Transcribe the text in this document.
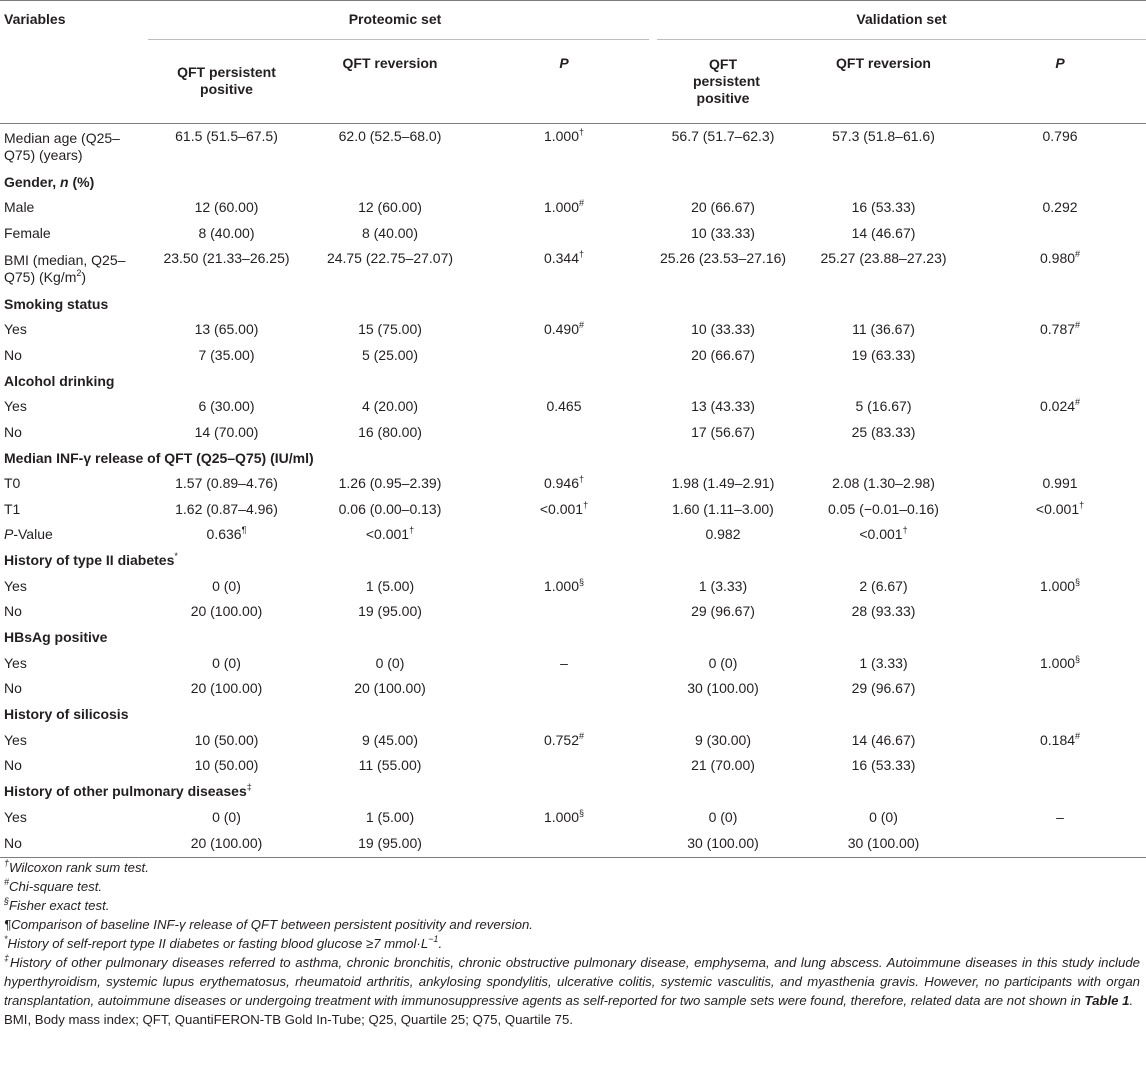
Variables	Proteomic set			Validation set		

	QFT persistent positive	QFT reversion	P	QFT persistent positive	QFT reversion	P
Median age (Q25–Q75) (years)	61.5 (51.5–67.5)	62.0 (52.5–68.0)	1.000†	56.7 (51.7–62.3)	57.3 (51.8–61.6)	0.796
Gender, n (%)						
Male	12 (60.00)	12 (60.00)	1.000#	20 (66.67)	16 (53.33)	0.292
Female	8 (40.00)	8 (40.00)		10 (33.33)	14 (46.67)	
BMI (median, Q25–Q75) $(Kg/m^2)$	23.50 (21.33–26.25)	24.75 (22.75–27.07)	0.344†	25.26 (23.53–27.16)	25.27 (23.88–27.23)	0.980#
Smoking status						
Yes	13 (65.00)	15 (75.00)	0.490#	10 (33.33)	11 (36.67)	0.787#
No	7 (35.00)	5 (25.00)		20 (66.67)	19 (63.33)	
Alcohol drinking						
Yes	6 (30.00)	4 (20.00)	0.465	13 (43.33)	5 (16.67)	0.024#
No	14 (70.00)	16 (80.00)		17 (56.67)	25 (83.33)	
Median INF-γ release of QFT (Q25–Q75) (IU/ml)						
T0	1.57 (0.89–4.76)	1.26 (0.95–2.39)	0.946†	1.98 (1.49–2.91)	2.08 (1.30–2.98)	0.991
T1	1.62 (0.87–4.96)	0.06 (0.00–0.13)	<0.001†	1.60 (1.11–3.00)	0.05 (−0.01–0.16)	<0.001†
P-Value	0.636¶	<0.001†		0.982	<0.001†	
History of type II diabetes*
Yes	0 (0)	1 (5.00)	1.000§	1 (3.33)	2 (6.67)	1.000§
No	20 (100.00)	19 (95.00)		29 (96.67)	28 (93.33)	
HBsAg positive						
Yes	0 (0)	0 (0)	–	0 (0)	1 (3.33)	1.000§
No	20 (100.00)	20 (100.00)		30 (100.00)	29 (96.67)	
History of silicosis						
Yes	10 (50.00)	9 (45.00)	0.752#	9 (30.00)	14 (46.67)	0.184#
No	10 (50.00)	11 (55.00)		21 (70.00)	16 (53.33)	
History of other pulmonary diseases‡
Yes	0 (0)	1 (5.00)	1.000§	0 (0)	0 (0)	–
No	20 (100.00)	19 (95.00)		30 (100.00)	30 (100.00)	

†Wilcoxon rank sum test.

#Chi-square test.

§Fisher exact test.

¶Comparison of baseline INF-γ release of QFT between persistent positivity and reversion.

*History of self-report type II diabetes or fasting blood glucose ≥7 $mmol\cdot L^{-1}$.

‡History of other pulmonary diseases referred to asthma, chronic bronchitis, chronic obstructive pulmonary disease, emphysema, and lung abscess. Autoimmune diseases in this study include hyperthyroidism, systemic lupus erythematosus, rheumatoid arthritis, ankylosing spondylitis, ulcerative colitis, systemic vasculitis, and myasthenia gravis. However, no participants with organ transplantation, autoimmune diseases or undergoing treatment with immunosuppressive agents as self-reported for two sample sets were found, therefore, related data are not shown in Table 1.

BMI, Body mass index; QFT, QuantiFERON-TB Gold In-Tube; Q25, Quartile 25; Q75, Quartile 75.
